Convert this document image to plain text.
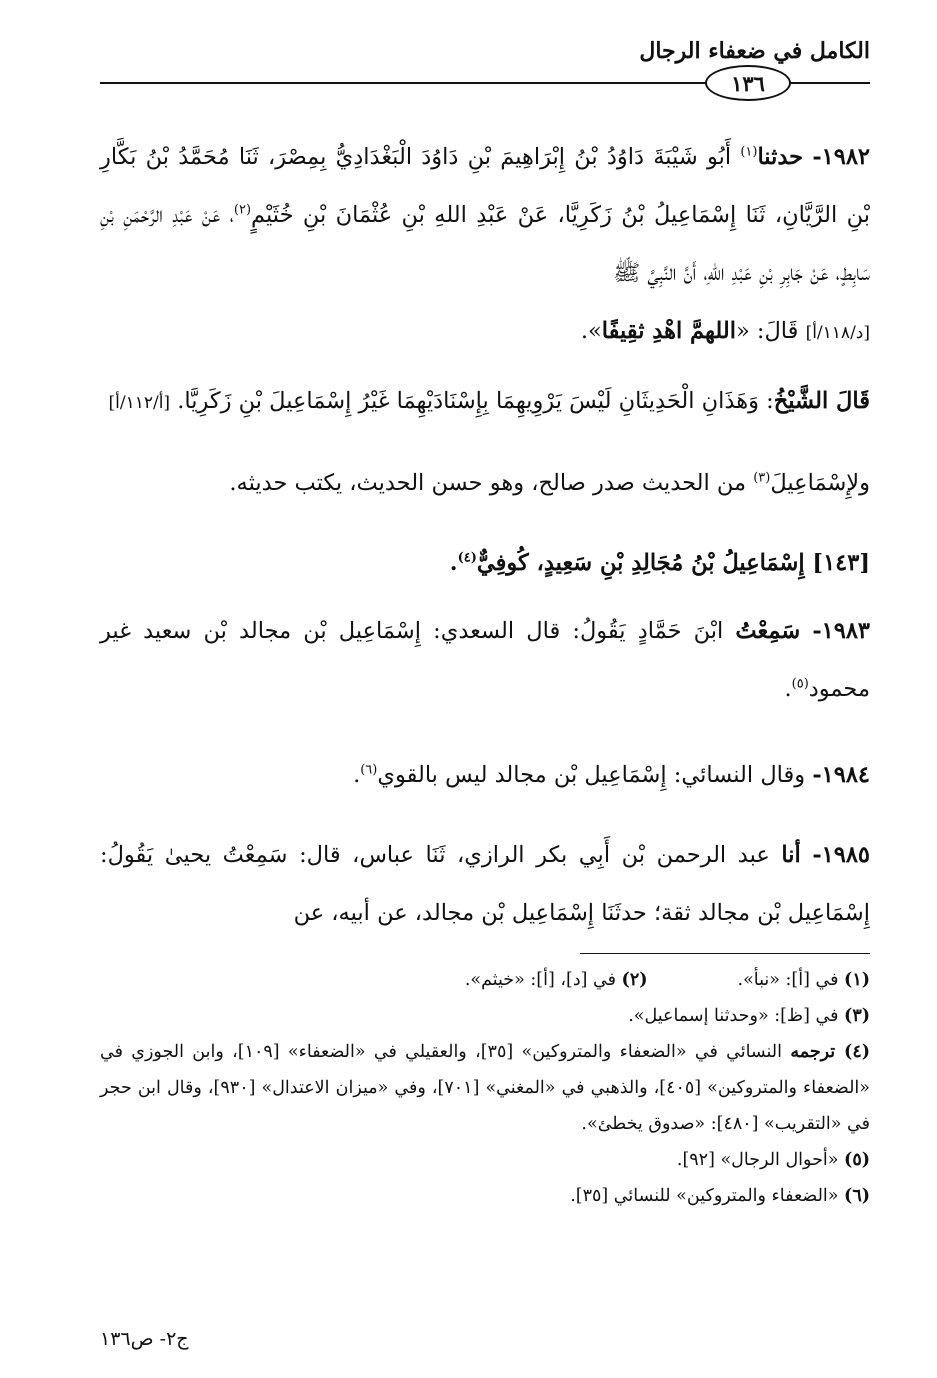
الكامل في ضعفاء الرجال
١٣٦

١٩٨٢- حدثنا$^{(١)}$ أَبُو شَيْبَةَ دَاوُدُ بْنُ إِبْرَاهِيمَ بْنِ دَاوُدَ الْبَغْدَادِيُّ بِمِصْرَ، ثَنَا مُحَمَّدُ بْنُ بَكَّارِ بْنِ الرَّيَّانِ، ثَنَا إِسْمَاعِيلُ بْنُ زَكَرِيَّا، عَنْ عَبْدِ اللهِ بْنِ عُثْمَانَ بْنِ خُثَيْمٍ$^{(٢)}$، عَنْ عَبْدِ الرَّحْمَنِ بْنِ سَابِطٍ، عَنْ جَابِرِ بْنِ عَبْدِ اللهِ، أَنَّ النَّبِيَّ ﷺ
[د/١١٨/أ] قَالَ: «اللهمَّ اهْدِ ثقِيفًا».

قَالَ الشَّيْخُ: وَهَذَانِ الْحَدِيثَانِ لَيْسَ يَرْوِيهِمَا بِإِسْنَادَيْهِمَا غَيْرُ إِسْمَاعِيلَ بْنِ زَكَرِيَّا. [أ/١١٢/أ]

ولإِسْمَاعِيلَ$^{(٣)}$ من الحديث صدر صالح، وهو حسن الحديث، يكتب حديثه.

[١٤٣] إِسْمَاعِيلُ بْنُ مُجَالِدِ بْنِ سَعِيدٍ، كُوفِيٌّ$^{(٤)}$.

١٩٨٣- سَمِعْتُ ابْنَ حَمَّادٍ يَقُولُ: قال السعدي: إِسْمَاعِيل بْن مجالد بْن سعيد غير محمود$^{(٥)}$.

١٩٨٤- وقال النسائي: إِسْمَاعِيل بْن مجالد ليس بالقوي$^{(٦)}$.

١٩٨٥- أنا عبد الرحمن بْن أَبِي بكر الرازي، ثَنَا عباس، قال: سَمِعْتُ يحيىٰ يَقُولُ: إِسْمَاعِيل بْن مجالد ثقة؛ حدثَنَا إِسْمَاعِيل بْن مجالد، عن أبيه، عن

(١) في [أ]: «نبأ».

(٢) في [د]، [أ]: «خيثم».

(٣) في [ظ]: «وحدثنا إسماعيل».

(٤) ترجمه النسائي في «الضعفاء والمتروكين» [٣٥]، والعقيلي في «الضعفاء» [١٠٩]، وابن الجوزي في «الضعفاء والمتروكين» [٤٠٥]، والذهبي في «المغني» [٧٠١]، وفي «ميزان الاعتدال» [٩٣٠]، وقال ابن حجر في «التقريب» [٤٨٠]: «صدوق يخطئ».

(٥) «أحوال الرجال» [٩٢].

(٦) «الضعفاء والمتروكين» للنسائي [٣٥].

ج٢- ص١٣٦
